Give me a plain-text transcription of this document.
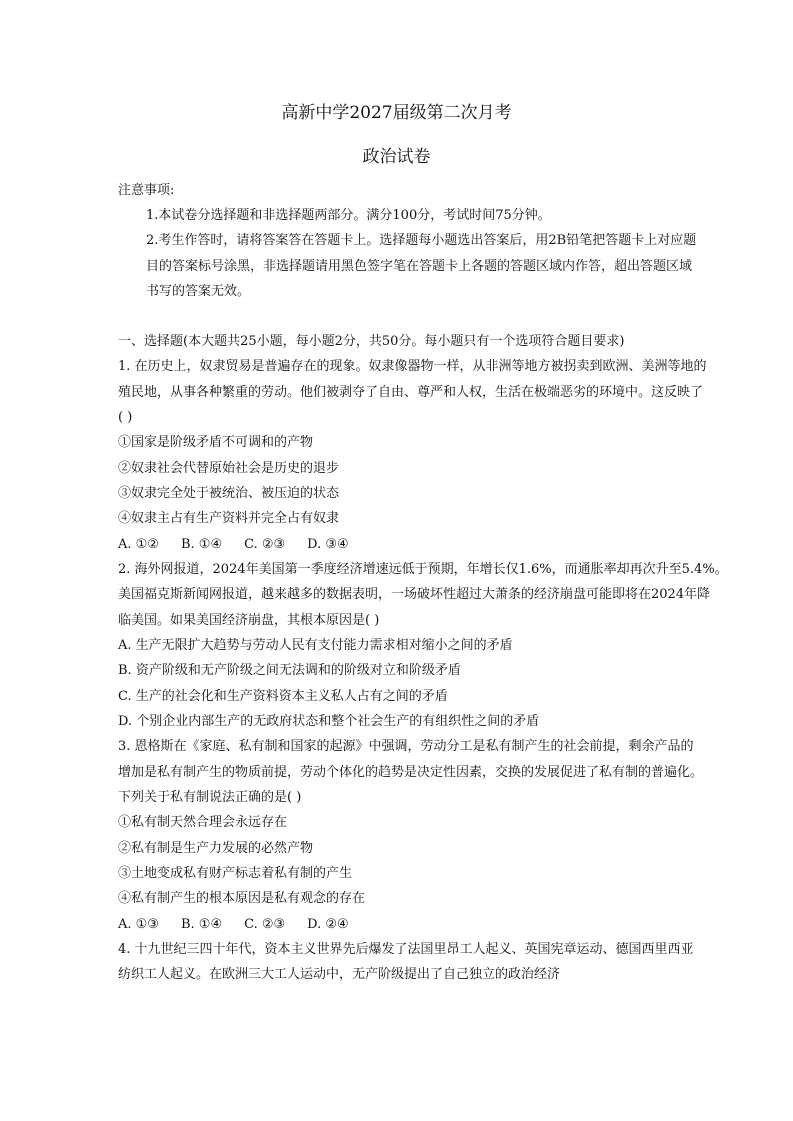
高新中学2027届级第二次月考
政治试卷
注意事项:
1.本试卷分选择题和非选择题两部分。满分100分，考试时间75分钟。
2.考生作答时，请将答案答在答题卡上。选择题每小题选出答案后，用2B铅笔把答题卡上对应题
目的答案标号涂黑，非选择题请用黑色签字笔在答题卡上各题的答题区域内作答，超出答题区域
书写的答案无效。
一、选择题(本大题共25小题，每小题2分，共50分。每小题只有一个选项符合题目要求)
1. 在历史上，奴隶贸易是普遍存在的现象。奴隶像器物一样，从非洲等地方被拐卖到欧洲、美洲等地的
殖民地，从事各种繁重的劳动。他们被剥夺了自由、尊严和人权，生活在极端恶劣的环境中。这反映了
( )
①国家是阶级矛盾不可调和的产物
②奴隶社会代替原始社会是历史的退步
③奴隶完全处于被统治、被压迫的状态
④奴隶主占有生产资料并完全占有奴隶
A. ①② B. ①④ C. ②③ D. ③④
2. 海外网报道，2024年美国第一季度经济增速远低于预期，年增长仅1.6%，而通胀率却再次升至5.4%。
美国福克斯新闻网报道，越来越多的数据表明，一场破坏性超过大萧条的经济崩盘可能即将在2024年降
临美国。如果美国经济崩盘，其根本原因是( )
A. 生产无限扩大趋势与劳动人民有支付能力需求相对缩小之间的矛盾
B. 资产阶级和无产阶级之间无法调和的阶级对立和阶级矛盾
C. 生产的社会化和生产资料资本主义私人占有之间的矛盾
D. 个别企业内部生产的无政府状态和整个社会生产的有组织性之间的矛盾
3. 恩格斯在《家庭、私有制和国家的起源》中强调，劳动分工是私有制产生的社会前提，剩余产品的
增加是私有制产生的物质前提，劳动个体化的趋势是决定性因素，交换的发展促进了私有制的普遍化。
下列关于私有制说法正确的是( )
①私有制天然合理会永远存在
②私有制是生产力发展的必然产物
③土地变成私有财产标志着私有制的产生
④私有制产生的根本原因是私有观念的存在
A. ①③ B. ①④ C. ②③ D. ②④
4. 十九世纪三四十年代，资本主义世界先后爆发了法国里昂工人起义、英国宪章运动、德国西里西亚
纺织工人起义。在欧洲三大工人运动中，无产阶级提出了自己独立的政治经济
